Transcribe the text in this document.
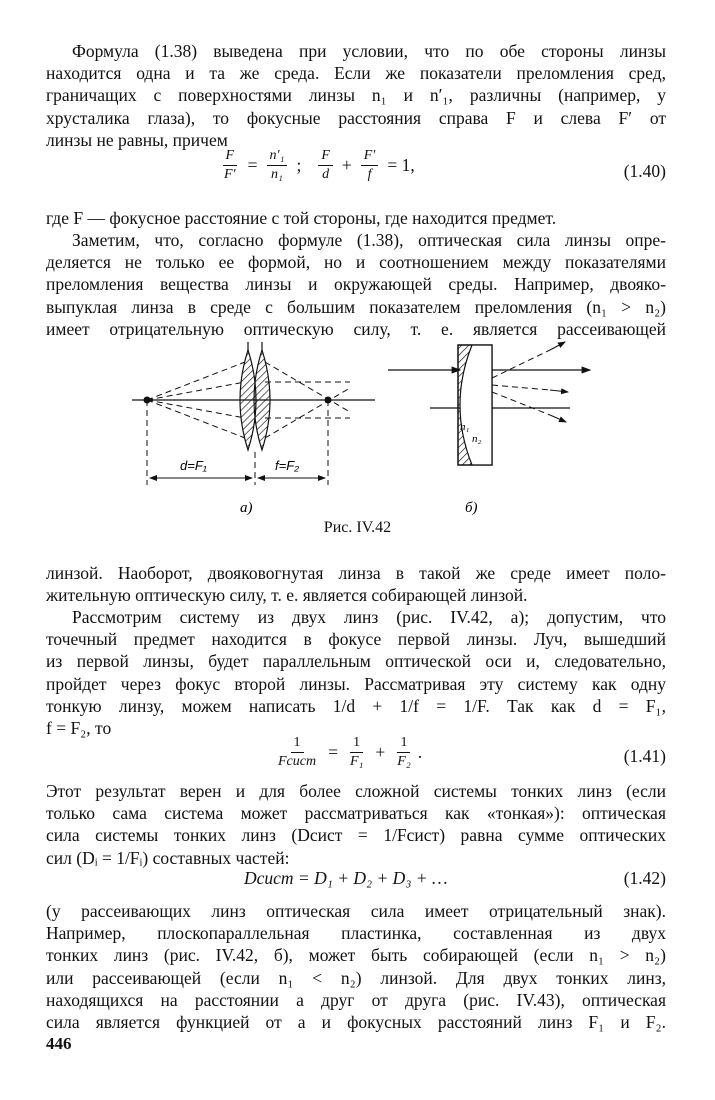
Формула (1.38) выведена при условии, что по обе стороны линзы
находится одна и та же среда. Если же показатели преломления сред,
граничащих с поверхностями линзы n₁ и n′₁, различны (например, у
хрусталика глаза), то фокусные расстояния справа F и слева F′ от
линзы не равны, причем
$\frac{F}{F'} = \frac{\text{n′₁}}{\text{n₁}}$ ; $\frac{F}{d} + \frac{F'}{f} = 1$,	(1.40)
где F — фокусное расстояние с той стороны, где находится предмет.
Заметим, что, согласно формуле (1.38), оптическая сила линзы опре-
деляется не только ее формой, но и соотношением между показателями
преломления вещества линзы и окружающей среды. Например, двояко-
выпуклая линза в среде с большим показателем преломления (n₁ > n₂)
имеет отрицательную оптическую силу, т. е. является рассеивающей
d=F₁	f=F₂
а)
n₁
n₂
б)
Рис. IV.42
линзой. Наоборот, двояковогнутая линза в такой же среде имеет поло-
жительную оптическую силу, т. е. является собирающей линзой.
Рассмотрим систему из двух линз (рис. IV.42, а); допустим, что
точечный предмет находится в фокусе первой линзы. Луч, вышедший
из первой линзы, будет параллельным оптической оси и, следовательно,
пройдет через фокус второй линзы. Рассматривая эту систему как одну
тонкую линзу, можем написать 1/d + 1/f = 1/F. Так как d = F₁,
f = F₂, то
$\frac{1}{\text{Fсист}} = \frac{1}{\text{F₁}} + \frac{1}{\text{F₂}}$ .	(1.41)
Этот результат верен и для более сложной системы тонких линз (если
только сама система может рассматриваться как «тонкая»): оптическая
сила системы тонких линз (Dсист = 1/Fсист) равна сумме оптических
сил (Dᵢ = 1/Fᵢ) составных частей:
Dсист = D₁ + D₂ + D₃ + …	(1.42)
(у рассеивающих линз оптическая сила имеет отрицательный знак).
Например, плоскопараллельная пластинка, составленная из двух
тонких линз (рис. IV.42, б), может быть собирающей (если n₁ > n₂)
или рассеивающей (если n₁ < n₂) линзой. Для двух тонких линз,
находящихся на расстоянии а друг от друга (рис. IV.43), оптическая
сила является функцией от а и фокусных расстояний линз F₁ и F₂.
446
